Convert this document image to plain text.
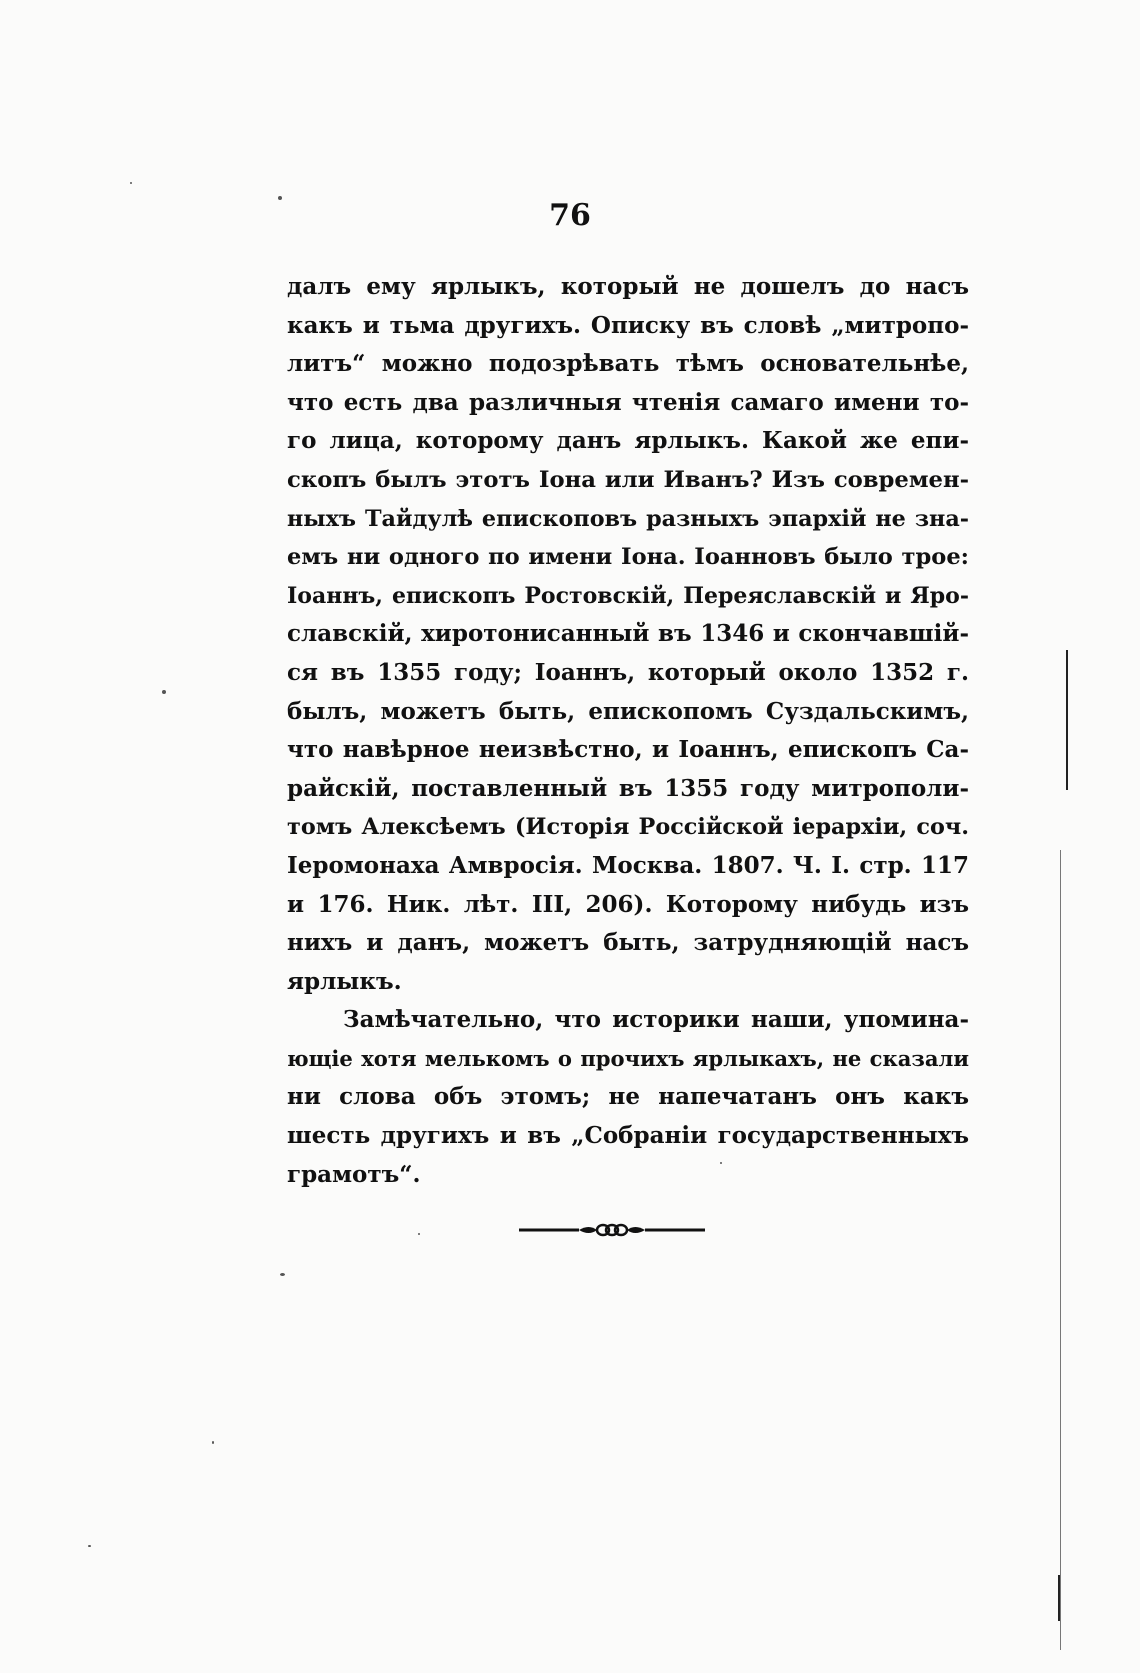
76
далъ ему ярлыкъ, который не дошелъ до насъ
какъ и тьма другихъ. Описку въ словѣ „митропо-
литъ“ можно подозрѣвать тѣмъ основательнѣе,
что есть два различныя чтенія самаго имени то-
го лица, которому данъ ярлыкъ. Какой же епи-
скопъ былъ этотъ Іона или Иванъ? Изъ современ-
ныхъ Тайдулѣ епископовъ разныхъ эпархій не зна-
емъ ни одного по имени Іона. Іоанновъ было трое:
Іоаннъ, епископъ Ростовскій, Переяславскій и Яро-
славскій, хиротонисанный въ 1346 и скончавшій-
ся въ 1355 году; Іоаннъ, который около 1352 г.
былъ, можетъ быть, епископомъ Суздальскимъ,
что навѣрное неизвѣстно, и Іоаннъ, епископъ Са-
райскій, поставленный въ 1355 году митрополи-
томъ Алексѣемъ (Исторія Россійской іерархіи, соч.
Іеромонаха Амвросія. Москва. 1807. Ч. І. стр. 117
и 176. Ник. лѣт. III, 206). Которому нибудь изъ
нихъ и данъ, можетъ быть, затрудняющій насъ
ярлыкъ.
Замѣчательно, что историки наши, упомина-
ющіе хотя мелькомъ о прочихъ ярлыкахъ, не сказали
ни слова объ этомъ; не напечатанъ онъ какъ
шесть другихъ и въ „Собраніи государственныхъ
грамотъ“.
